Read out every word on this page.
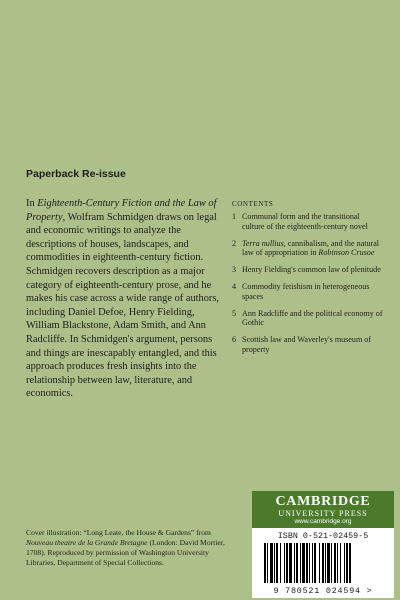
Paperback Re-issue

In Eighteenth-Century Fiction and the Law of Property, Wolfram Schmidgen draws on legal and economic writings to analyze the descriptions of houses, landscapes, and commodities in eighteenth-century fiction. Schmidgen recovers description as a major category of eighteenth-century prose, and he makes his case across a wide range of authors, including Daniel Defoe, Henry Fielding, William Blackstone, Adam Smith, and Ann Radcliffe. In Schmidgen's argument, persons and things are inescapably entangled, and this approach produces fresh insights into the relationship between law, literature, and economics.

CONTENTS
1 Communal form and the transitional culture of the eighteenth-century novel
2 Terra nullius, cannibalism, and the natural law of appropriation in Robinson Crusoe
3 Henry Fielding's common law of plenitude
4 Commodity fetishism in heterogeneous spaces
5 Ann Radcliffe and the political economy of Gothic
6 Scottish law and Waverley's museum of property

Cover illustration: “Long Leate, the House & Gardens” from Nouveau theatre de la Grande Bretagne (London: David Mortier, 1708). Reproduced by permission of Washington University Libraries, Department of Special Collections.

CAMBRIDGE
UNIVERSITY PRESS
www.cambridge.org
ISBN 0-521-02459-5
9 780521 024594 >
